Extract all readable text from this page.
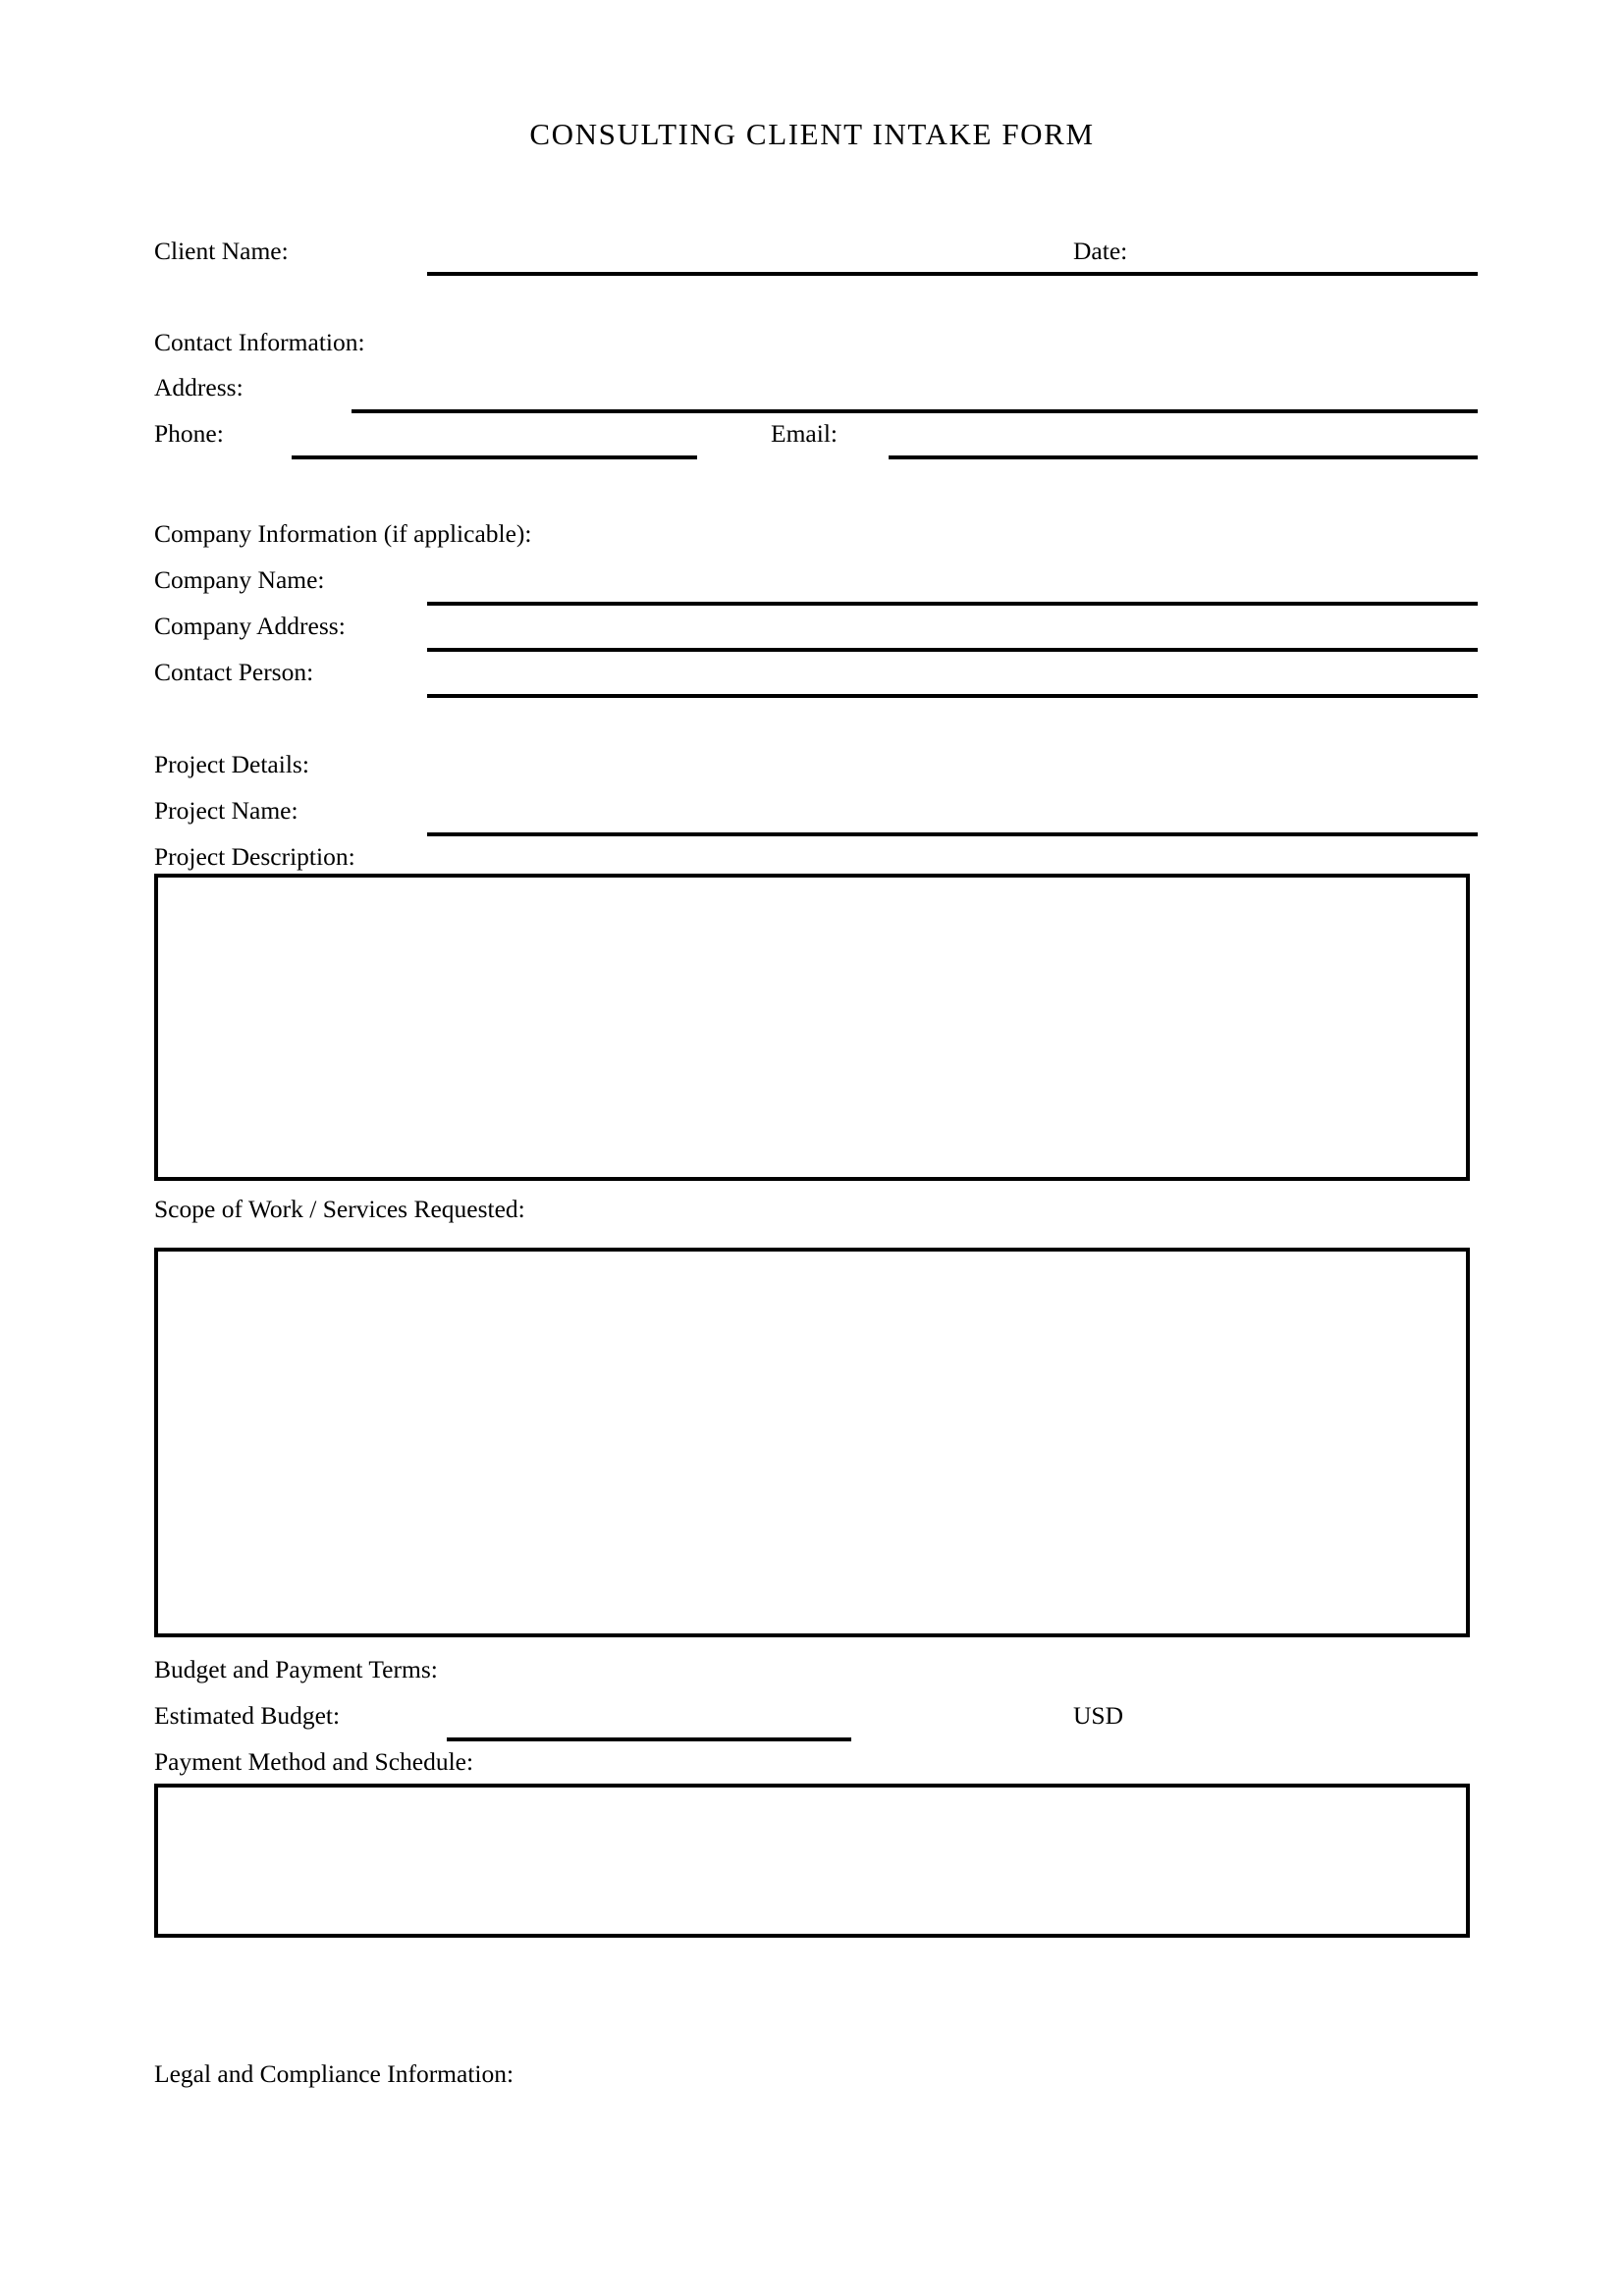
CONSULTING CLIENT INTAKE FORM
Client Name:	Date:
Contact Information:
Address:
Phone:	Email:
Company Information (if applicable):
Company Name:
Company Address:
Contact Person:
Project Details:
Project Name:
Project Description:
Scope of Work / Services Requested:
Budget and Payment Terms:
Estimated Budget:	USD
Payment Method and Schedule:
Legal and Compliance Information:
